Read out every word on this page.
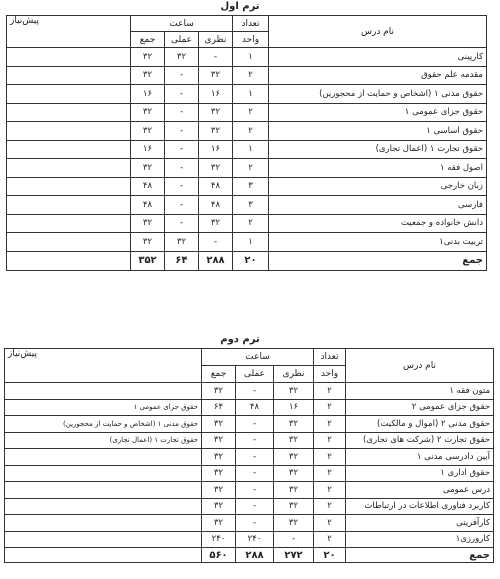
ترم اول
نام درس	تعداد	ساعت			پیش‌نیاز
	واحد	نظری	عملی	جمع	
کارپینی	۱	-	۳۲	۳۲	
مقدمه علم حقوق	۲	۳۲	-	۳۲	
حقوق مدنی ۱ (اشخاص و حمایت از محجورین)	۱	۱۶	-	۱۶	
حقوق جزای عمومی ۱	۲	۳۲	-	۳۲	
حقوق اساسی ۱	۲	۳۲	-	۳۲	
حقوق تجارت ۱ (اعمال تجاری)	۱	۱۶	-	۱۶	
اصول فقه ۱	۲	۳۲	-	۳۲	
زبان خارجی	۳	۴۸	-	۴۸	
فارسی	۳	۴۸	-	۴۸	
دانش خانواده و جمعیت	۲	۳۲	-	۳۲	
تربیت بدنی۱	۱	-	۳۲	۳۲	
جمع	۲۰	۲۸۸	۶۴	۳۵۲	
ترم دوم
نام درس	تعداد	ساعت			پیش‌نیاز
	واحد	نظری	عملی	جمع	
متون فقه ۱	۲	۳۲	-	۳۲	
حقوق جزای عمومی ۲	۲	۱۶	۴۸	۶۴	حقوق جزای عمومی ۱
حقوق مدنی ۲ (اموال و مالکیت)	۲	۳۲	-	۳۲	حقوق مدنی ۱ (اشخاص و حمایت از محجورین)
حقوق تجارت ۲ (شرکت های تجاری)	۲	۳۲	-	۳۲	حقوق تجارت ۱ (اعمال تجاری)
آیین دادرسی مدنی ۱	۲	۳۲	-	۳۲	
حقوق اداری ۱	۲	۳۲	-	۳۲	
درس عمومی	۲	۳۲	-	۳۲	
کاربرد فناوری اطلاعات در ارتباطات	۲	۳۲	-	۳۲	
کارآفرینی	۲	۳۲	-	۳۲	
کارورزی۱	۲	-	۲۴۰	۲۴۰	
جمع	۲۰	۲۷۲	۲۸۸	۵۶۰	
